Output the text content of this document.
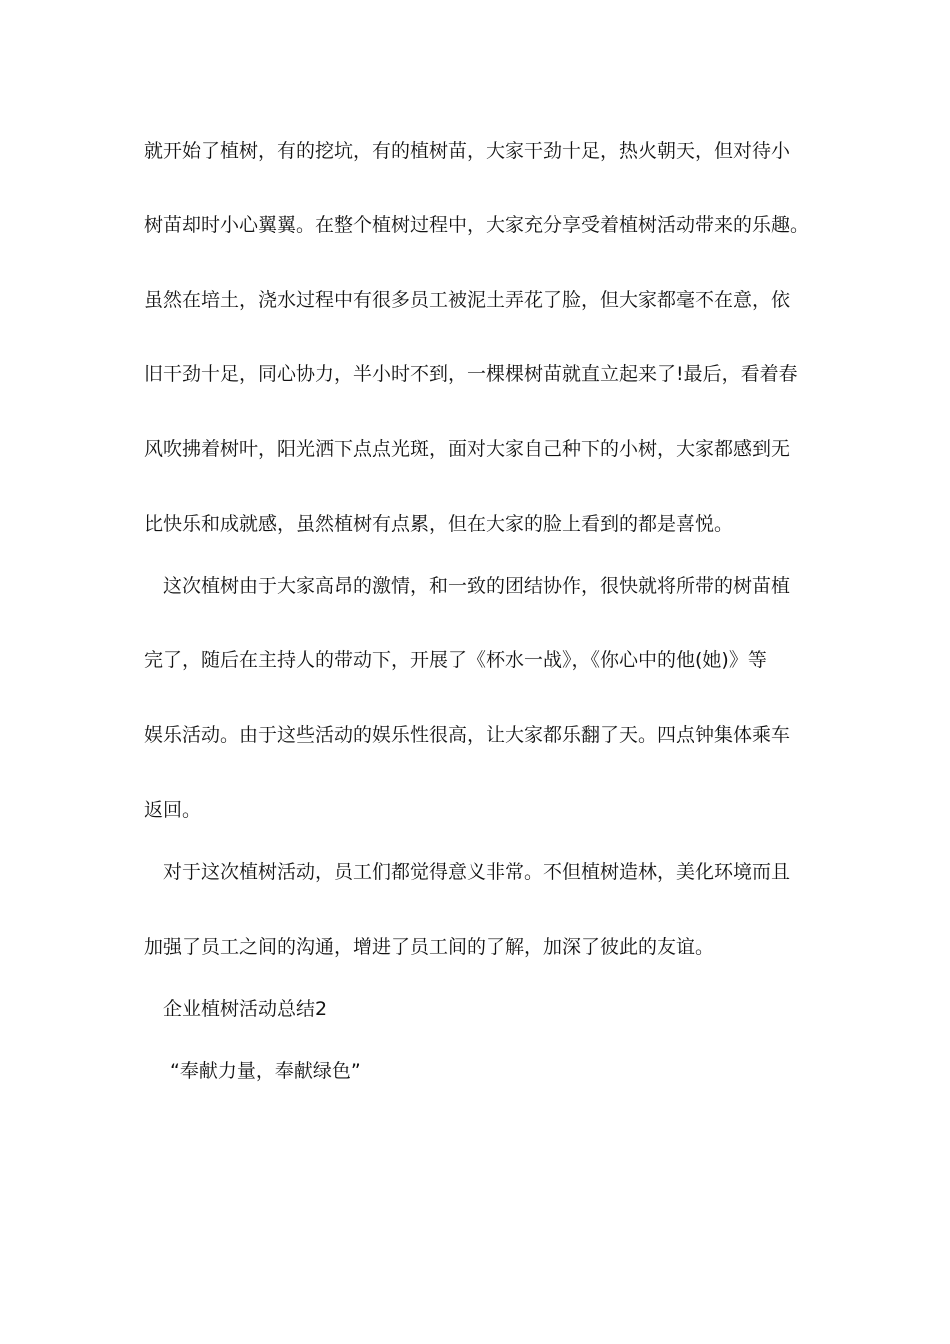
就开始了植树，有的挖坑，有的植树苗，大家干劲十足，热火朝天，但对待小
树苗却时小心翼翼。在整个植树过程中，大家充分享受着植树活动带来的乐趣。
虽然在培土，浇水过程中有很多员工被泥土弄花了脸，但大家都毫不在意，依
旧干劲十足，同心协力，半小时不到，一棵棵树苗就直立起来了!最后，看着春
风吹拂着树叶，阳光洒下点点光斑，面对大家自己种下的小树，大家都感到无
比快乐和成就感，虽然植树有点累，但在大家的脸上看到的都是喜悦。
这次植树由于大家高昂的激情，和一致的团结协作，很快就将所带的树苗植
完了，随后在主持人的带动下，开展了《杯水一战》，《你心中的他(她)》等
娱乐活动。由于这些活动的娱乐性很高，让大家都乐翻了天。四点钟集体乘车
返回。
对于这次植树活动，员工们都觉得意义非常。不但植树造林，美化环境而且
加强了员工之间的沟通，增进了员工间的了解，加深了彼此的友谊。
企业植树活动总结2
“奉献力量，奉献绿色”
